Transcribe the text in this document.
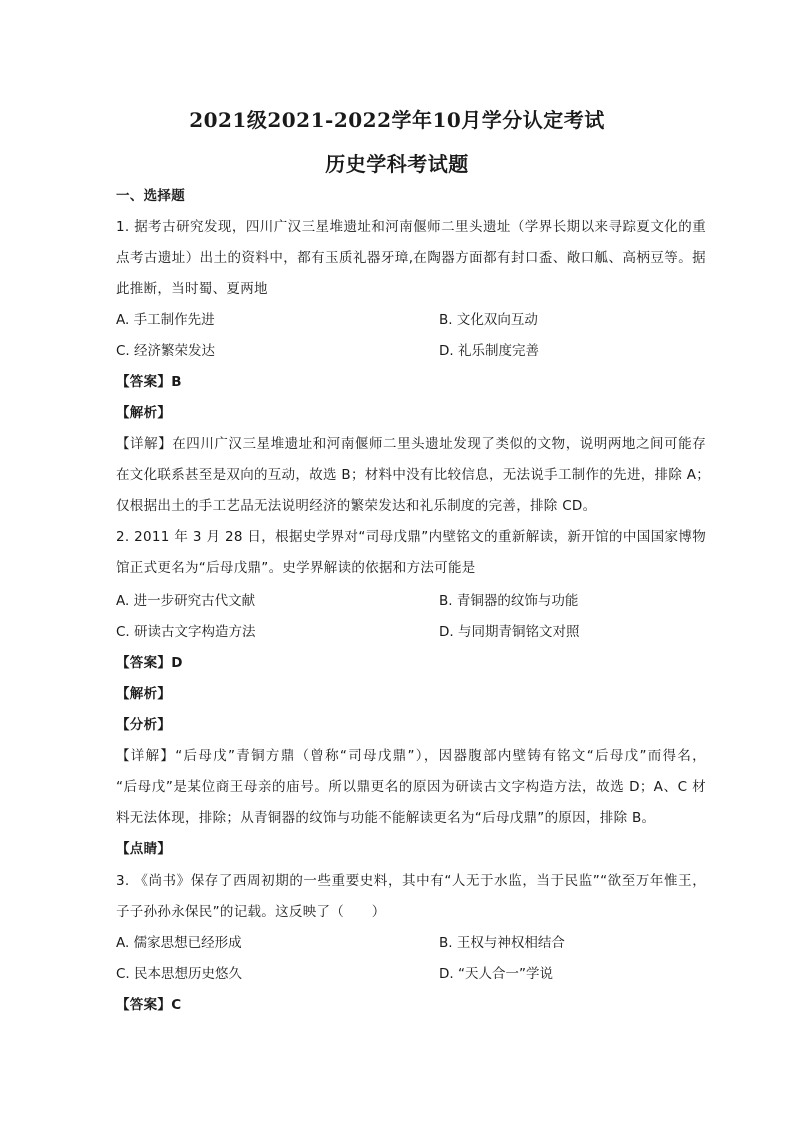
2021级2021-2022学年10月学分认定考试
历史学科考试题
一、选择题
1. 据考古研究发现，四川广汉三星堆遗址和河南偃师二里头遗址（学界长期以来寻踪夏文化的重
点考古遗址）出土的资料中，都有玉质礼器牙璋,在陶器方面都有封口盉、敞口觚、高柄豆等。据
此推断，当时蜀、夏两地
A. 手工制作先进	B. 文化双向互动
C. 经济繁荣发达	D. 礼乐制度完善
【答案】B
【解析】
【详解】在四川广汉三星堆遗址和河南偃师二里头遗址发现了类似的文物，说明两地之间可能存
在文化联系甚至是双向的互动，故选 B；材料中没有比较信息，无法说手工制作的先进，排除 A；
仅根据出土的手工艺品无法说明经济的繁荣发达和礼乐制度的完善，排除 CD。
2. 2011 年 3 月 28 日，根据史学界对“司母戊鼎”内壁铭文的重新解读，新开馆的中国国家博物
馆正式更名为“后母戊鼎”。史学界解读的依据和方法可能是
A. 进一步研究古代文献	B. 青铜器的纹饰与功能
C. 研读古文字构造方法	D. 与同期青铜铭文对照
【答案】D
【解析】
【分析】
【详解】“后母戊”青铜方鼎（曾称“司母戊鼎”），因器腹部内壁铸有铭文“后母戊”而得名，
“后母戊”是某位商王母亲的庙号。所以鼎更名的原因为研读古文字构造方法，故选 D；A、C 材
料无法体现，排除；从青铜器的纹饰与功能不能解读更名为“后母戊鼎”的原因，排除 B。
【点睛】
3. 《尚书》保存了西周初期的一些重要史料，其中有“人无于水监，当于民监”“欲至万年惟王，
子子孙孙永保民”的记载。这反映了（　　）
A. 儒家思想已经形成	B. 王权与神权相结合
C. 民本思想历史悠久	D. “天人合一”学说
【答案】C
